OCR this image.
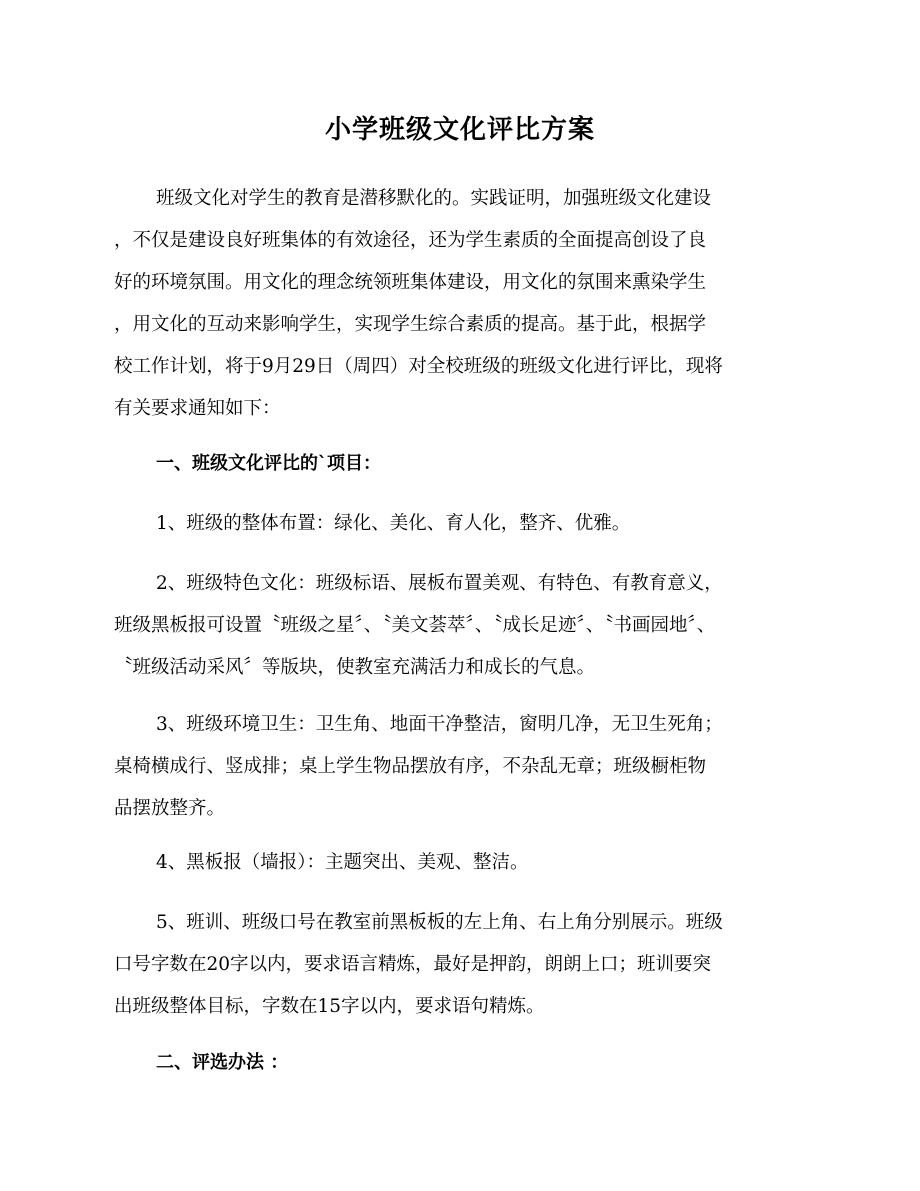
小学班级文化评比方案
班级文化对学生的教育是潜移默化的。实践证明，加强班级文化建设
，不仅是建设良好班集体的有效途径，还为学生素质的全面提高创设了良
好的环境氛围。用文化的理念统领班集体建设，用文化的氛围来熏染学生
，用文化的互动来影响学生，实现学生综合素质的提高。基于此，根据学
校工作计划，将于9月29日（周四）对全校班级的班级文化进行评比，现将
有关要求通知如下：
一、班级文化评比的`项目：
1、班级的整体布置：绿化、美化、育人化，整齐、优雅。
2、班级特色文化：班级标语、展板布置美观、有特色、有教育意义，
班级黑板报可设置〝班级之星〞、〝美文荟萃〞、〝成长足迹〞、〝书画园地〞、
〝班级活动采风〞等版块，使教室充满活力和成长的气息。
3、班级环境卫生：卫生角、地面干净整洁，窗明几净，无卫生死角；
桌椅横成行、竖成排；桌上学生物品摆放有序，不杂乱无章；班级橱柜物
品摆放整齐。
4、黑板报（墙报）：主题突出、美观、整洁。
5、班训、班级口号在教室前黑板板的左上角、右上角分别展示。班级
口号字数在20字以内，要求语言精炼，最好是押韵，朗朗上口；班训要突
出班级整体目标，字数在15字以内，要求语句精炼。
二、评选办法 ：
